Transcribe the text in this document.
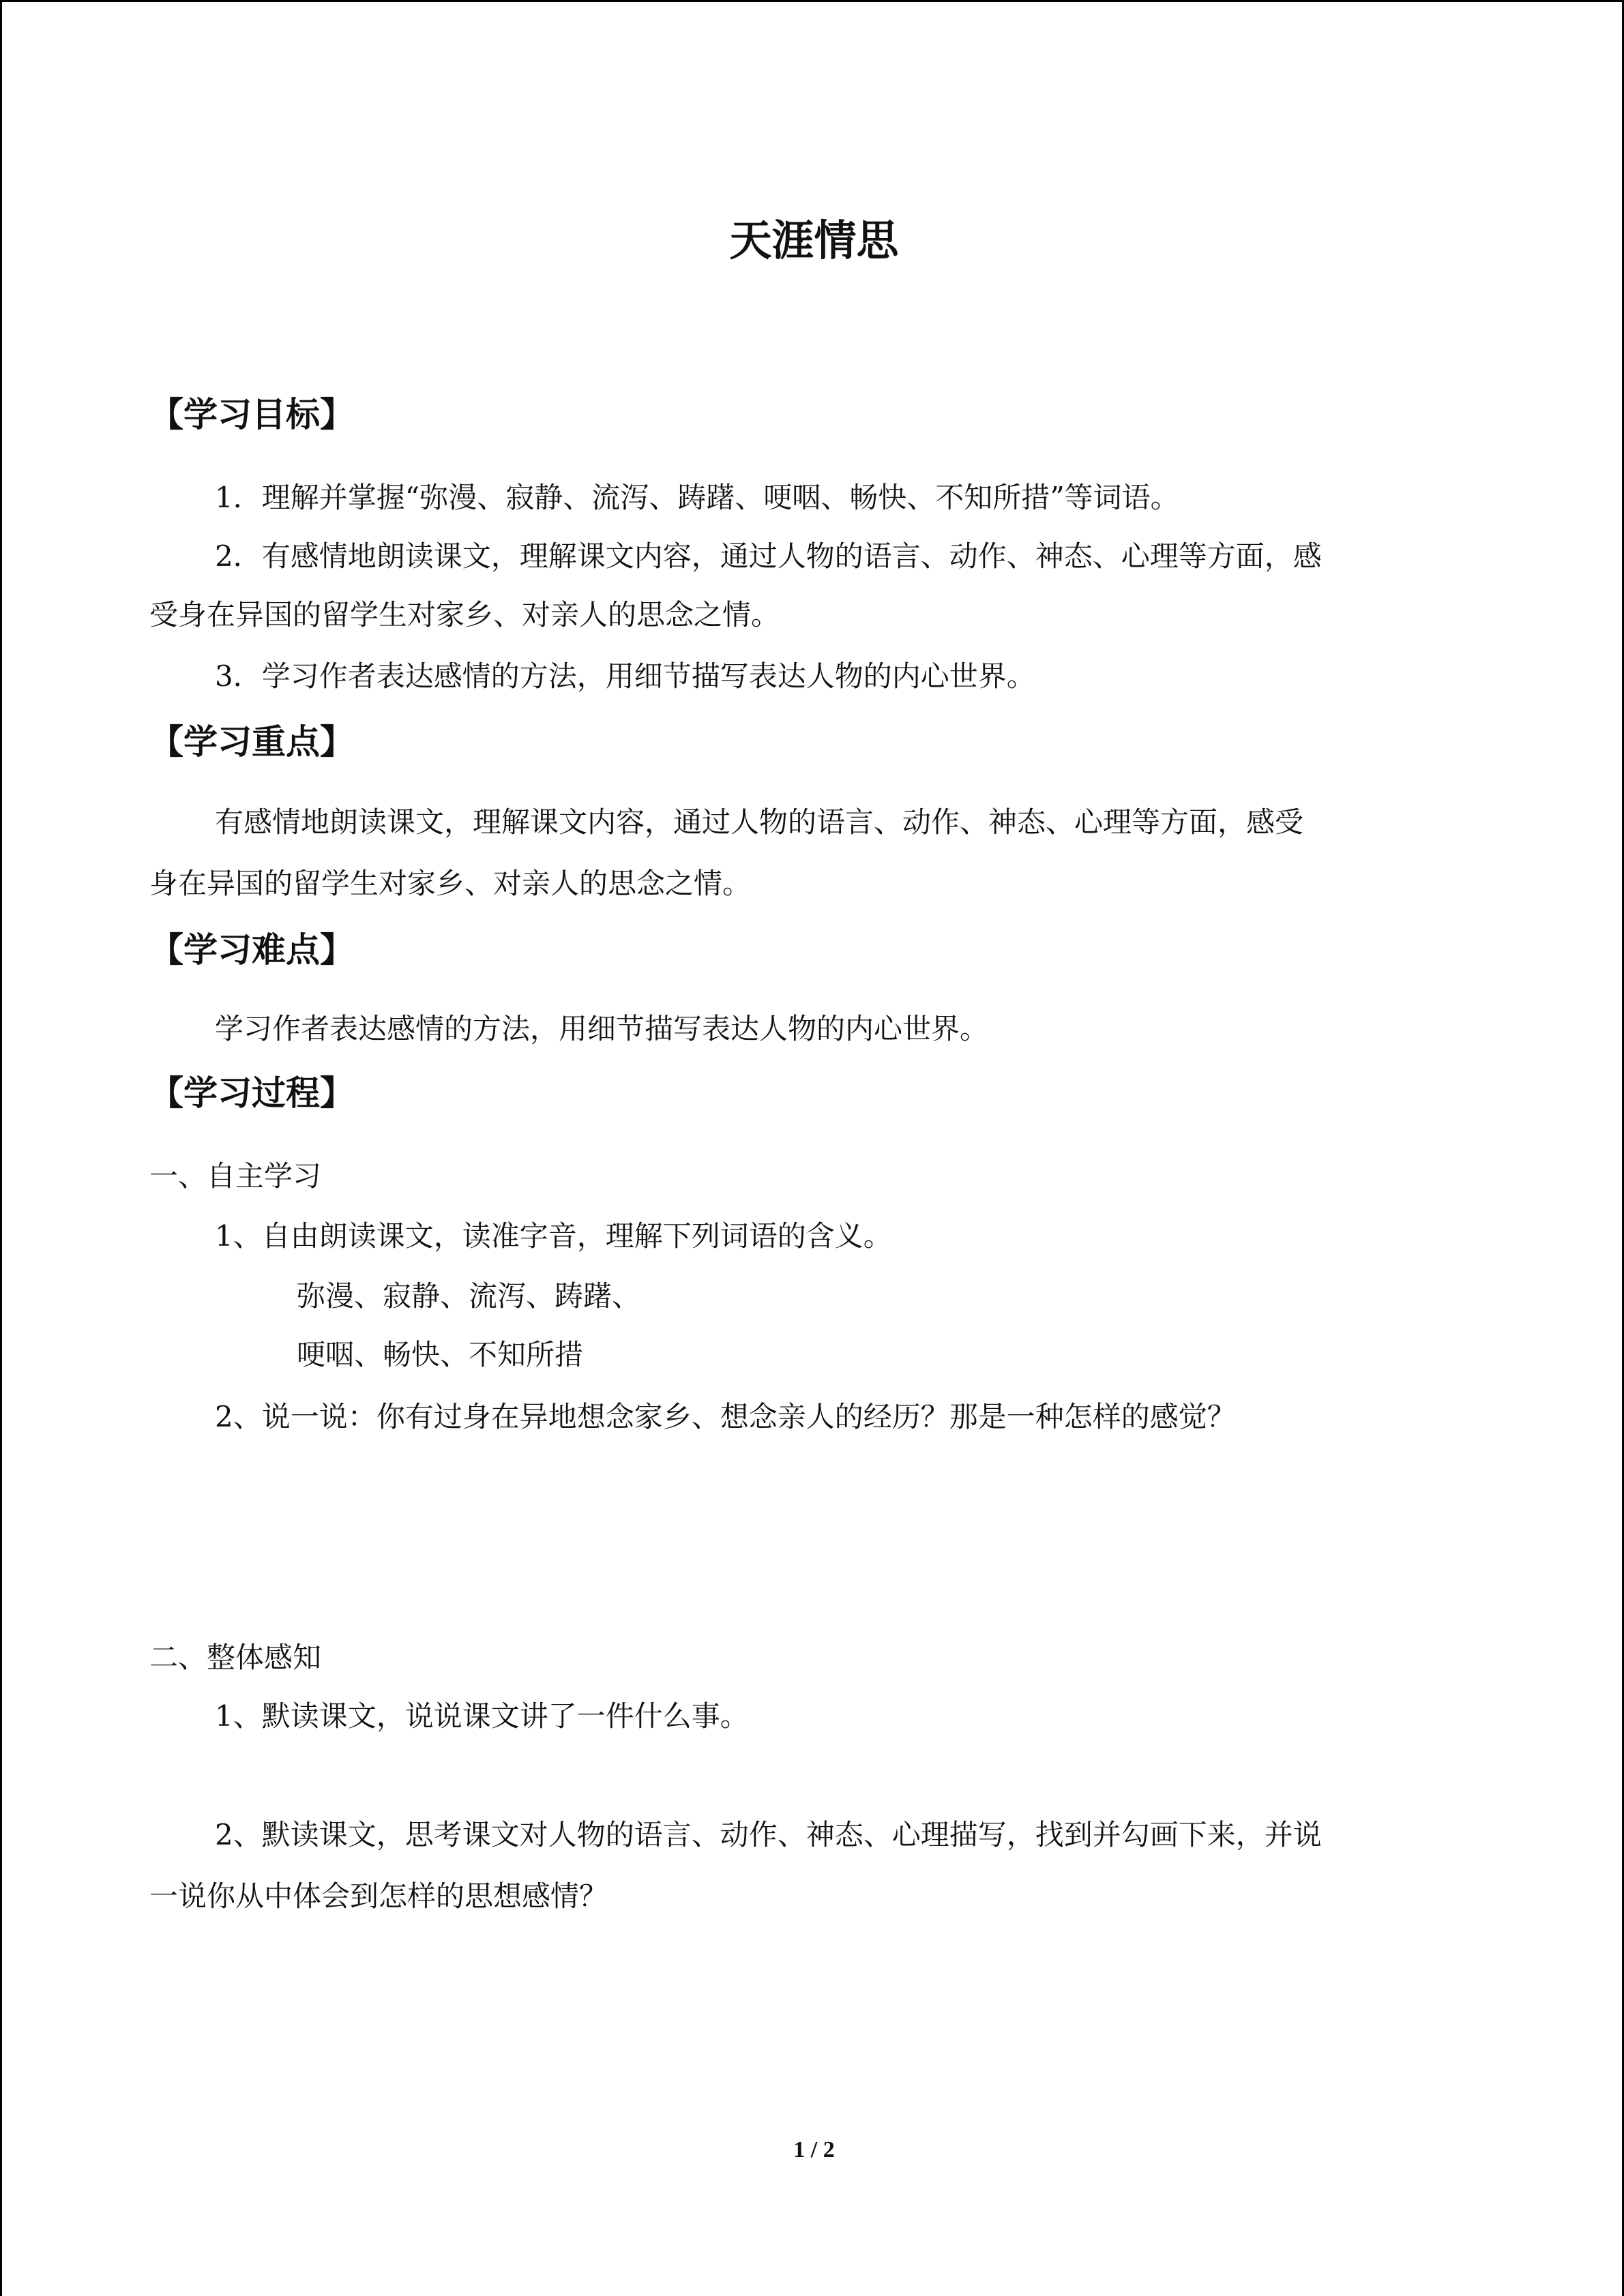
天涯情思
【学习目标】
1．理解并掌握“弥漫、寂静、流泻、踌躇、哽咽、畅快、不知所措”等词语。
2．有感情地朗读课文，理解课文内容，通过人物的语言、动作、神态、心理等方面，感
受身在异国的留学生对家乡、对亲人的思念之情。
3．学习作者表达感情的方法，用细节描写表达人物的内心世界。
【学习重点】
有感情地朗读课文，理解课文内容，通过人物的语言、动作、神态、心理等方面，感受
身在异国的留学生对家乡、对亲人的思念之情。
【学习难点】
学习作者表达感情的方法，用细节描写表达人物的内心世界。
【学习过程】
一、自主学习
1、自由朗读课文，读准字音，理解下列词语的含义。
弥漫、寂静、流泻、踌躇、
哽咽、畅快、不知所措
2、说一说：你有过身在异地想念家乡、想念亲人的经历？那是一种怎样的感觉？
二、整体感知
1、默读课文，说说课文讲了一件什么事。
2、默读课文，思考课文对人物的语言、动作、神态、心理描写，找到并勾画下来，并说
一说你从中体会到怎样的思想感情？
1 / 2
